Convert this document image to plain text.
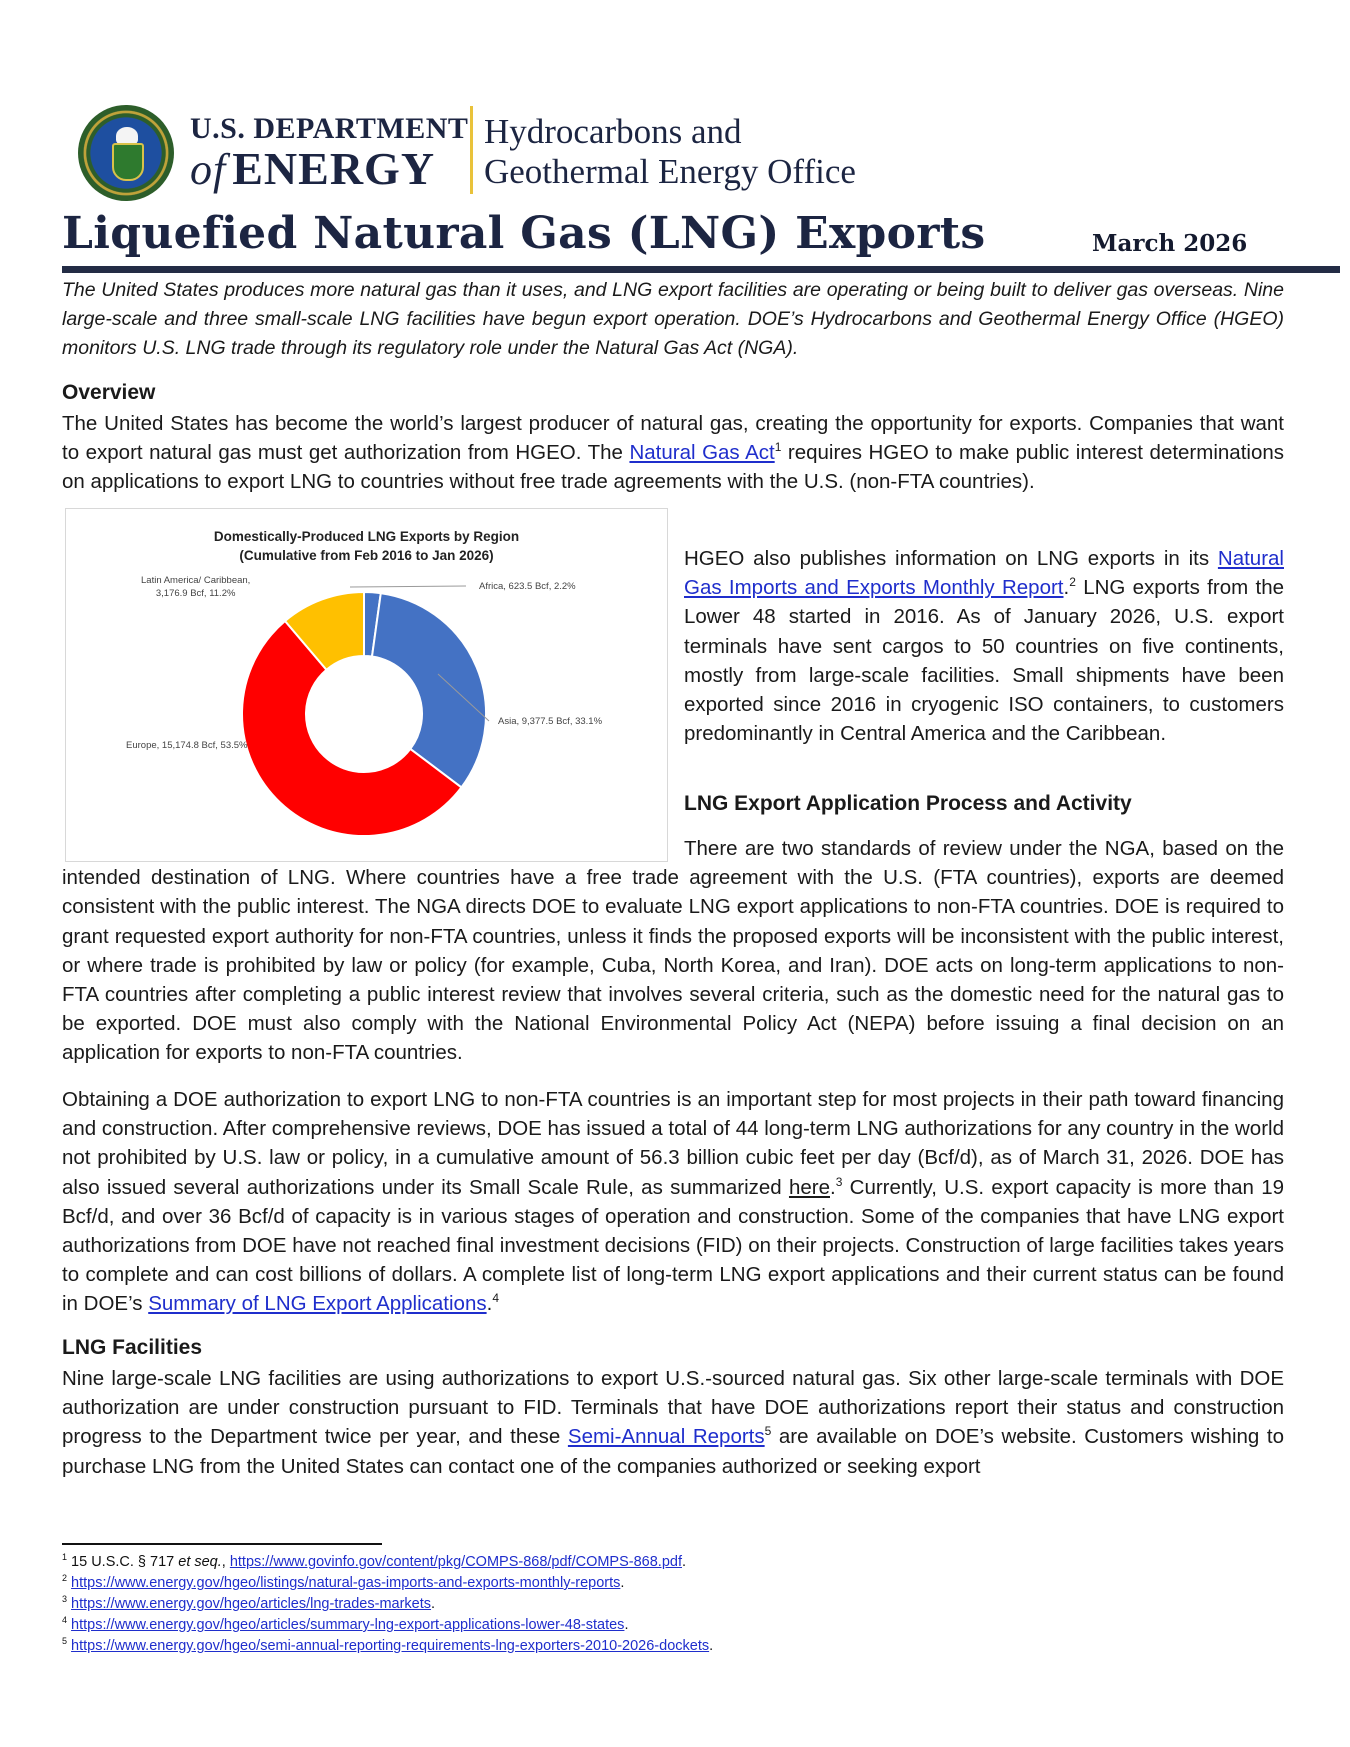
U.S. DEPARTMENT
of ENERGY
Hydrocarbons and
Geothermal Energy Office
Liquefied Natural Gas (LNG) Exports	March 2026
The United States produces more natural gas than it uses, and LNG export facilities are operating or being built to deliver gas overseas. Nine large-scale and three small-scale LNG facilities have begun export operation. DOE’s Hydrocarbons and Geothermal Energy Office (HGEO) monitors U.S. LNG trade through its regulatory role under the Natural Gas Act (NGA).
Overview
The United States has become the world’s largest producer of natural gas, creating the opportunity for exports. Companies that want to export natural gas must get authorization from HGEO. The Natural Gas Act$^1$ requires HGEO to make public interest determinations on applications to export LNG to countries without free trade agreements with the U.S. (non-FTA countries).
Domestically-Produced LNG Exports by Region
(Cumulative from Feb 2016 to Jan 2026)
Africa, 623.5 Bcf, 2.2%
Asia, 9,377.5 Bcf, 33.1%
Europe, 15,174.8 Bcf, 53.5%
Latin America/ Caribbean,
3,176.9 Bcf, 11.2%
HGEO also publishes information on LNG exports in its Natural Gas Imports and Exports Monthly Report.$^2$ LNG exports from the Lower 48 started in 2016. As of January 2026, U.S. export terminals have sent cargos to 50 countries on five continents, mostly from large-scale facilities. Small shipments have been exported since 2016 in cryogenic ISO containers, to customers predominantly in Central America and the Caribbean.
LNG Export Application Process and Activity
There are two standards of review under the NGA, based on the intended destination of LNG. Where countries have a free trade agreement with the U.S. (FTA countries), exports are deemed consistent with the public interest. The NGA directs DOE to evaluate LNG export applications to non-FTA countries. DOE is required to grant requested export authority for non-FTA countries, unless it finds the proposed exports will be inconsistent with the public interest, or where trade is prohibited by law or policy (for example, Cuba, North Korea, and Iran). DOE acts on long-term applications to non-FTA countries after completing a public interest review that involves several criteria, such as the domestic need for the natural gas to be exported. DOE must also comply with the National Environmental Policy Act (NEPA) before issuing a final decision on an application for exports to non-FTA countries.
Obtaining a DOE authorization to export LNG to non-FTA countries is an important step for most projects in their path toward financing and construction. After comprehensive reviews, DOE has issued a total of 44 long-term LNG authorizations for any country in the world not prohibited by U.S. law or policy, in a cumulative amount of 56.3 billion cubic feet per day (Bcf/d), as of March 31, 2026. DOE has also issued several authorizations under its Small Scale Rule, as summarized here.$^3$ Currently, U.S. export capacity is more than 19 Bcf/d, and over 36 Bcf/d of capacity is in various stages of operation and construction. Some of the companies that have LNG export authorizations from DOE have not reached final investment decisions (FID) on their projects. Construction of large facilities takes years to complete and can cost billions of dollars. A complete list of long-term LNG export applications and their current status can be found in DOE’s Summary of LNG Export Applications.$^4$
LNG Facilities
Nine large-scale LNG facilities are using authorizations to export U.S.-sourced natural gas. Six other large-scale terminals with DOE authorization are under construction pursuant to FID. Terminals that have DOE authorizations report their status and construction progress to the Department twice per year, and these Semi-Annual Reports$^5$ are available on DOE’s website. Customers wishing to purchase LNG from the United States can contact one of the companies authorized or seeking export
$^1$ 15 U.S.C. § 717 et seq., https://www.govinfo.gov/content/pkg/COMPS-868/pdf/COMPS-868.pdf.
$^2$ https://www.energy.gov/hgeo/listings/natural-gas-imports-and-exports-monthly-reports.
$^3$ https://www.energy.gov/hgeo/articles/lng-trades-markets.
$^4$ https://www.energy.gov/hgeo/articles/summary-lng-export-applications-lower-48-states.
$^5$ https://www.energy.gov/hgeo/semi-annual-reporting-requirements-lng-exporters-2010-2026-dockets.
